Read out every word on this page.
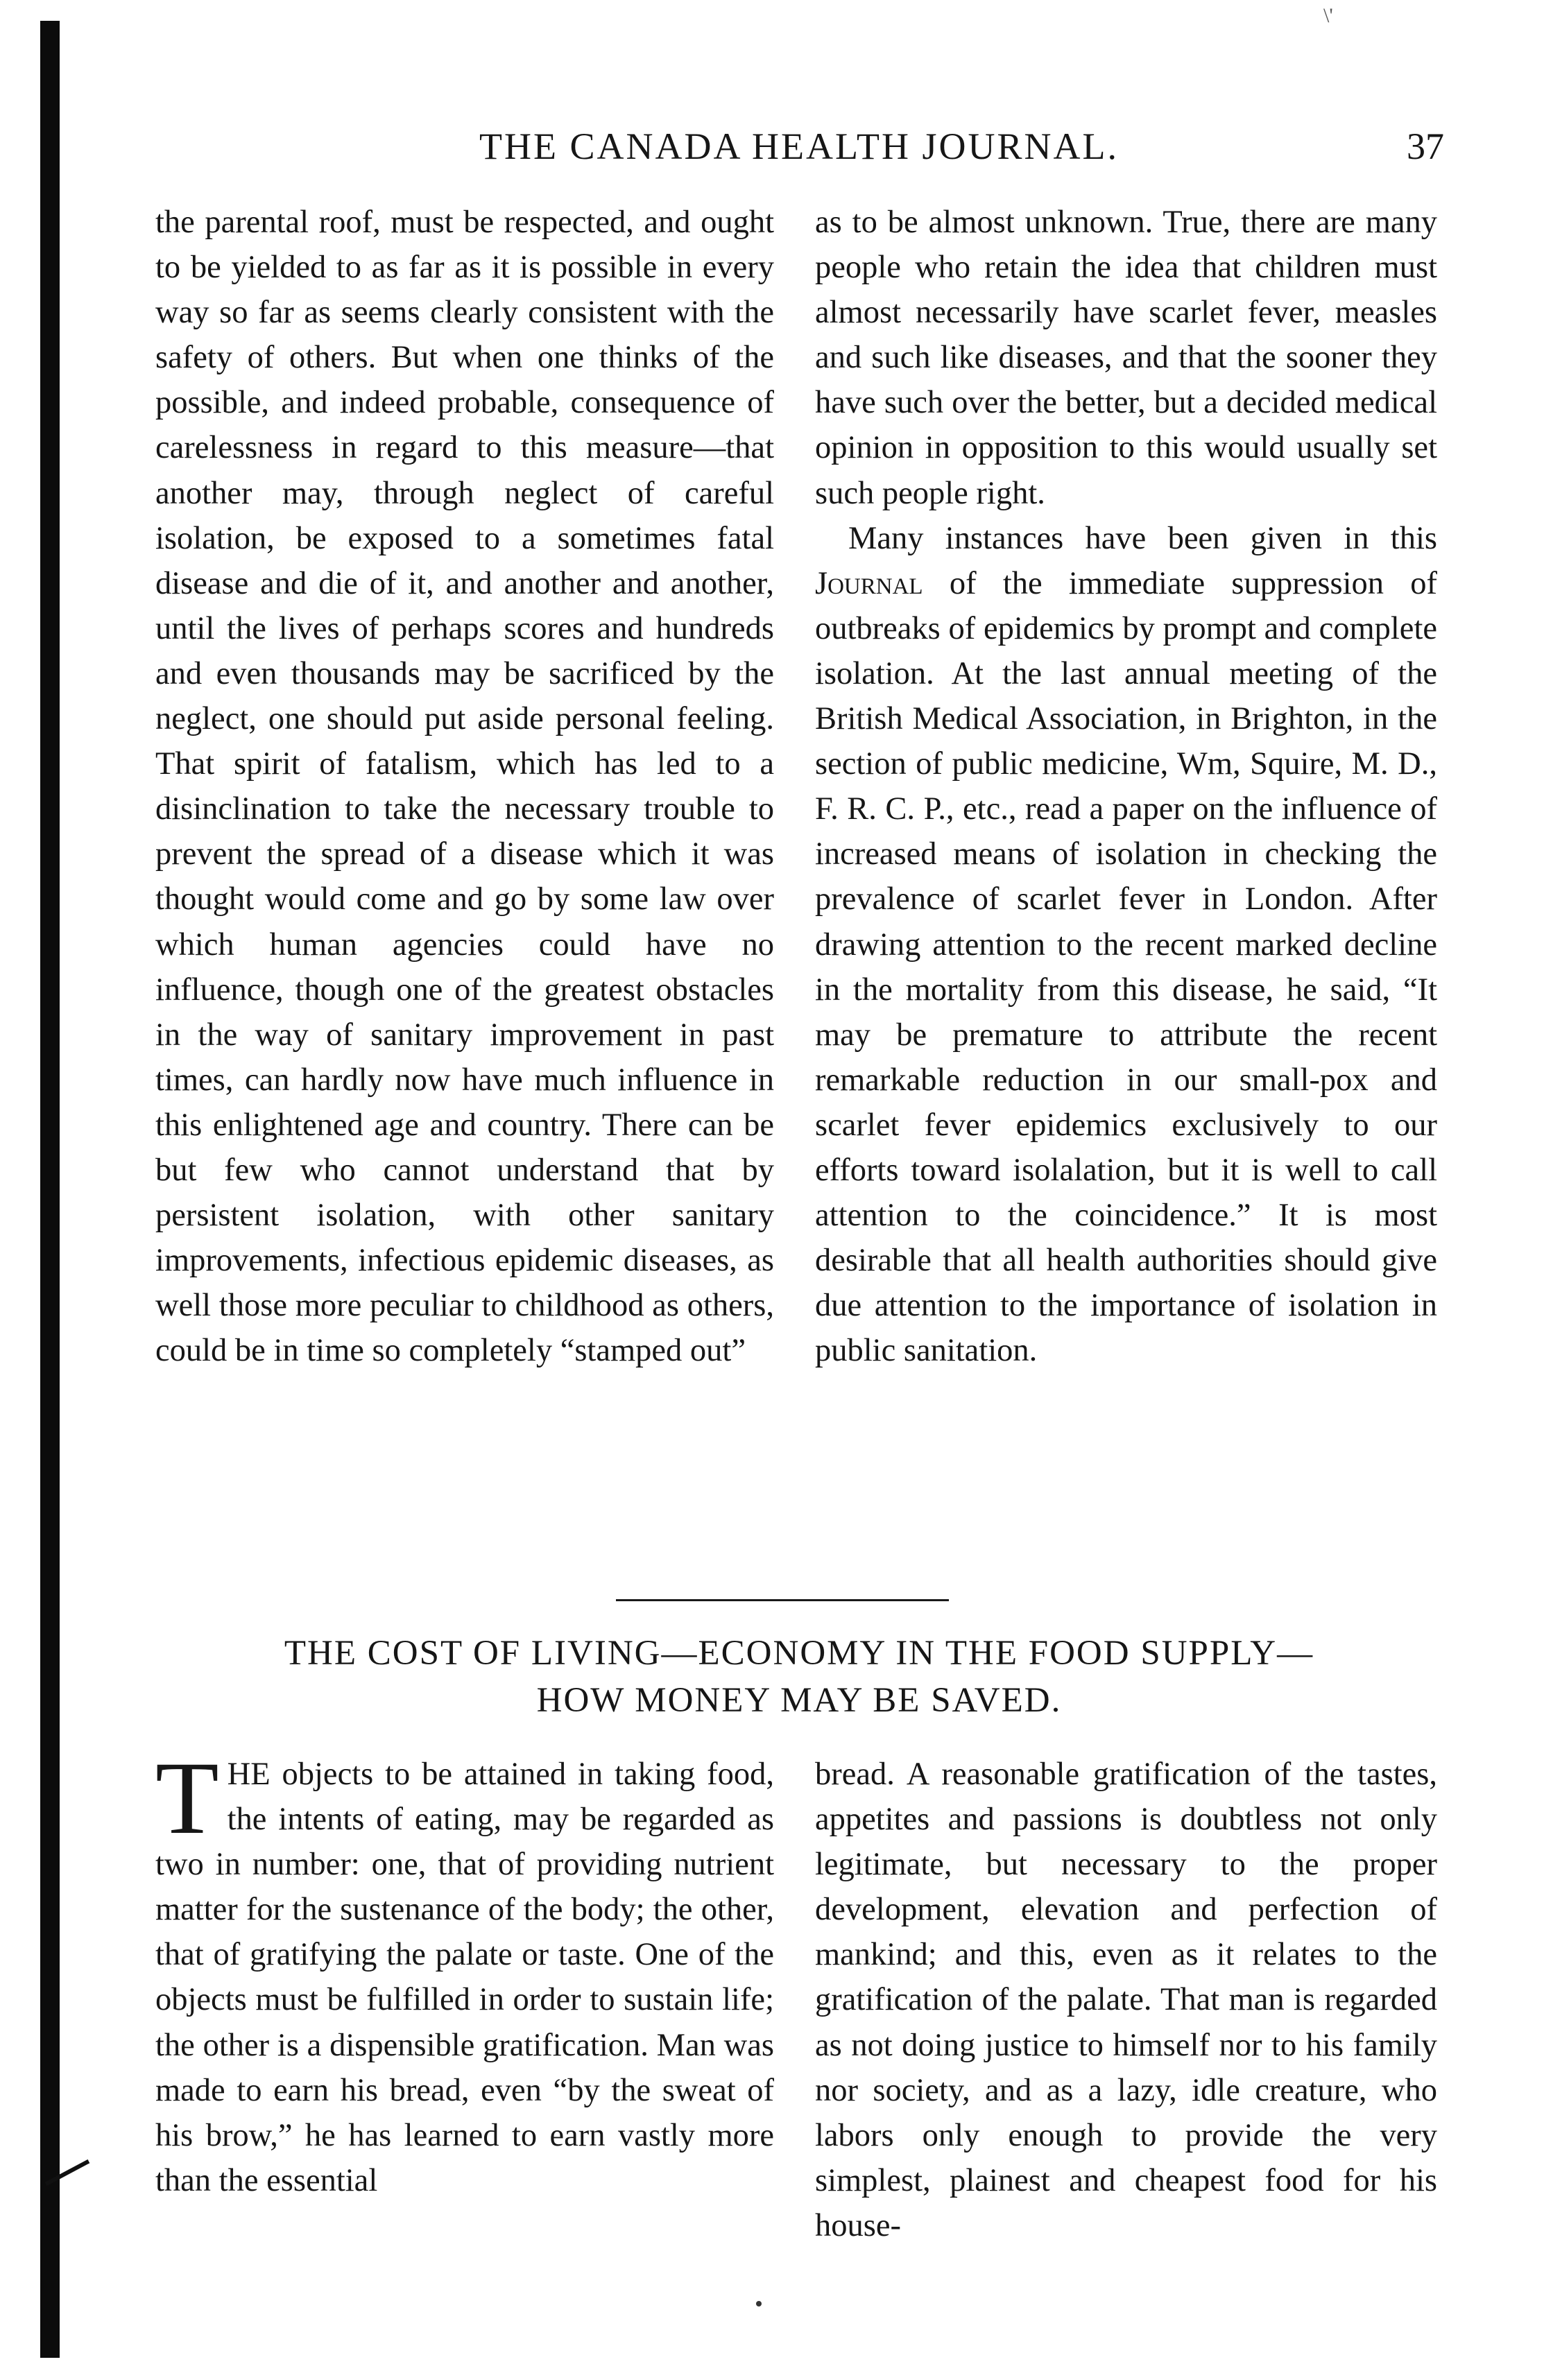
\'
THE CANADA HEALTH JOURNAL.	37

the parental roof, must be respected, and ought to be yielded to as far as it is possible in every way so far as seems clearly consistent with the safety of others. But when one thinks of the possible, and indeed probable, consequence of carelessness in regard to this measure—that another may, through neglect of careful isolation, be exposed to a sometimes fatal disease and die of it, and another and another, until the lives of perhaps scores and hundreds and even thousands may be sacrificed by the neglect, one should put aside personal feeling. That spirit of fatalism, which has led to a disinclination to take the necessary trouble to prevent the spread of a disease which it was thought would come and go by some law over which human agencies could have no influence, though one of the greatest obstacles in the way of sanitary improvement in past times, can hardly now have much influence in this enlightened age and country. There can be but few who cannot understand that by persistent isolation, with other sanitary improvements, infectious epidemic diseases, as well those more peculiar to childhood as others, could be in time so completely “stamped out”

as to be almost unknown. True, there are many people who retain the idea that children must almost necessarily have scarlet fever, measles and such like diseases, and that the sooner they have such over the better, but a decided medical opinion in opposition to this would usually set such people right.

Many instances have been given in this Journal of the immediate suppression of outbreaks of epidemics by prompt and complete isolation. At the last annual meeting of the British Medical Association, in Brighton, in the section of public medicine, Wm, Squire, M. D., F. R. C. P., etc., read a paper on the influence of increased means of isolation in checking the prevalence of scarlet fever in London. After drawing attention to the recent marked decline in the mortality from this disease, he said, “It may be premature to attribute the recent remarkable reduction in our small-pox and scarlet fever epidemics exclusively to our efforts toward isolalation, but it is well to call attention to the coincidence.” It is most desirable that all health authorities should give due attention to the importance of isolation in public sanitation.

THE COST OF LIVING—ECONOMY IN THE FOOD SUPPLY—
HOW MONEY MAY BE SAVED.

THE objects to be attained in taking food, the intents of eating, may be regarded as two in number: one, that of providing nutrient matter for the sustenance of the body; the other, that of gratifying the palate or taste. One of the objects must be fulfilled in order to sustain life; the other is a dispensible gratification. Man was made to earn his bread, even “by the sweat of his brow,” he has learned to earn vastly more than the essential

bread. A reasonable gratification of the tastes, appetites and passions is doubtless not only legitimate, but necessary to the proper development, elevation and perfection of mankind; and this, even as it relates to the gratification of the palate. That man is regarded as not doing justice to himself nor to his family nor society, and as a lazy, idle creature, who labors only enough to provide the very simplest, plainest and cheapest food for his house-
